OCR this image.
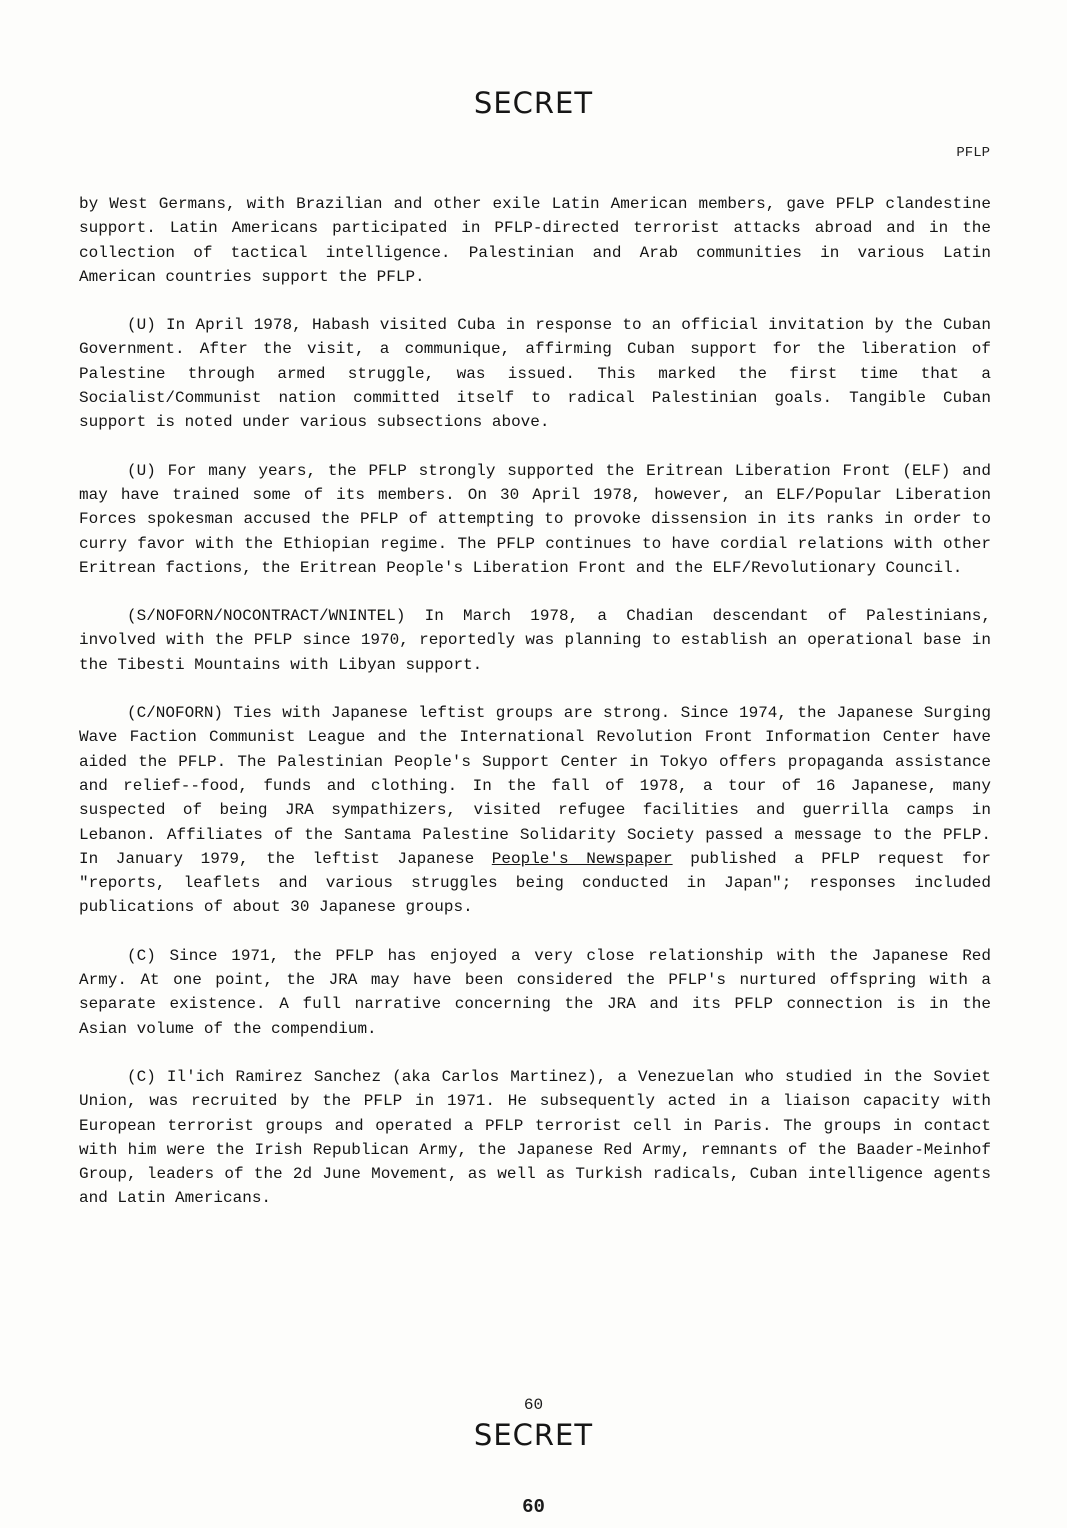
SECRET
PFLP

by West Germans, with Brazilian and other exile Latin American members, gave PFLP clandestine support. Latin Americans participated in PFLP-directed terrorist attacks abroad and in the collection of tactical intelligence. Palestinian and Arab communities in various Latin American countries support the PFLP.

(U) In April 1978, Habash visited Cuba in response to an official invitation by the Cuban Government. After the visit, a communique, affirming Cuban support for the liberation of Palestine through armed struggle, was issued. This marked the first time that a Socialist/Communist nation committed itself to radical Palestinian goals. Tangible Cuban support is noted under various subsections above.

(U) For many years, the PFLP strongly supported the Eritrean Liberation Front (ELF) and may have trained some of its members. On 30 April 1978, however, an ELF/Popular Liberation Forces spokesman accused the PFLP of attempting to provoke dissension in its ranks in order to curry favor with the Ethiopian regime. The PFLP continues to have cordial relations with other Eritrean factions, the Eritrean People's Liberation Front and the ELF/Revolutionary Council.

(S/NOFORN/NOCONTRACT/WNINTEL) In March 1978, a Chadian descendant of Palestinians, involved with the PFLP since 1970, reportedly was planning to establish an operational base in the Tibesti Mountains with Libyan support.

(C/NOFORN) Ties with Japanese leftist groups are strong. Since 1974, the Japanese Surging Wave Faction Communist League and the International Revolution Front Information Center have aided the PFLP. The Palestinian People's Support Center in Tokyo offers propaganda assistance and relief--food, funds and clothing. In the fall of 1978, a tour of 16 Japanese, many suspected of being JRA sympathizers, visited refugee facilities and guerrilla camps in Lebanon. Affiliates of the Santama Palestine Solidarity Society passed a message to the PFLP. In January 1979, the leftist Japanese People's Newspaper published a PFLP request for "reports, leaflets and various struggles being conducted in Japan"; responses included publications of about 30 Japanese groups.

(C) Since 1971, the PFLP has enjoyed a very close relationship with the Japanese Red Army. At one point, the JRA may have been considered the PFLP's nurtured offspring with a separate existence. A full narrative concerning the JRA and its PFLP connection is in the Asian volume of the compendium.

(C) Il'ich Ramirez Sanchez (aka Carlos Martinez), a Venezuelan who studied in the Soviet Union, was recruited by the PFLP in 1971. He subsequently acted in a liaison capacity with European terrorist groups and operated a PFLP terrorist cell in Paris. The groups in contact with him were the Irish Republican Army, the Japanese Red Army, remnants of the Baader-Meinhof Group, leaders of the 2d June Movement, as well as Turkish radicals, Cuban intelligence agents and Latin Americans.

60
SECRET
60
